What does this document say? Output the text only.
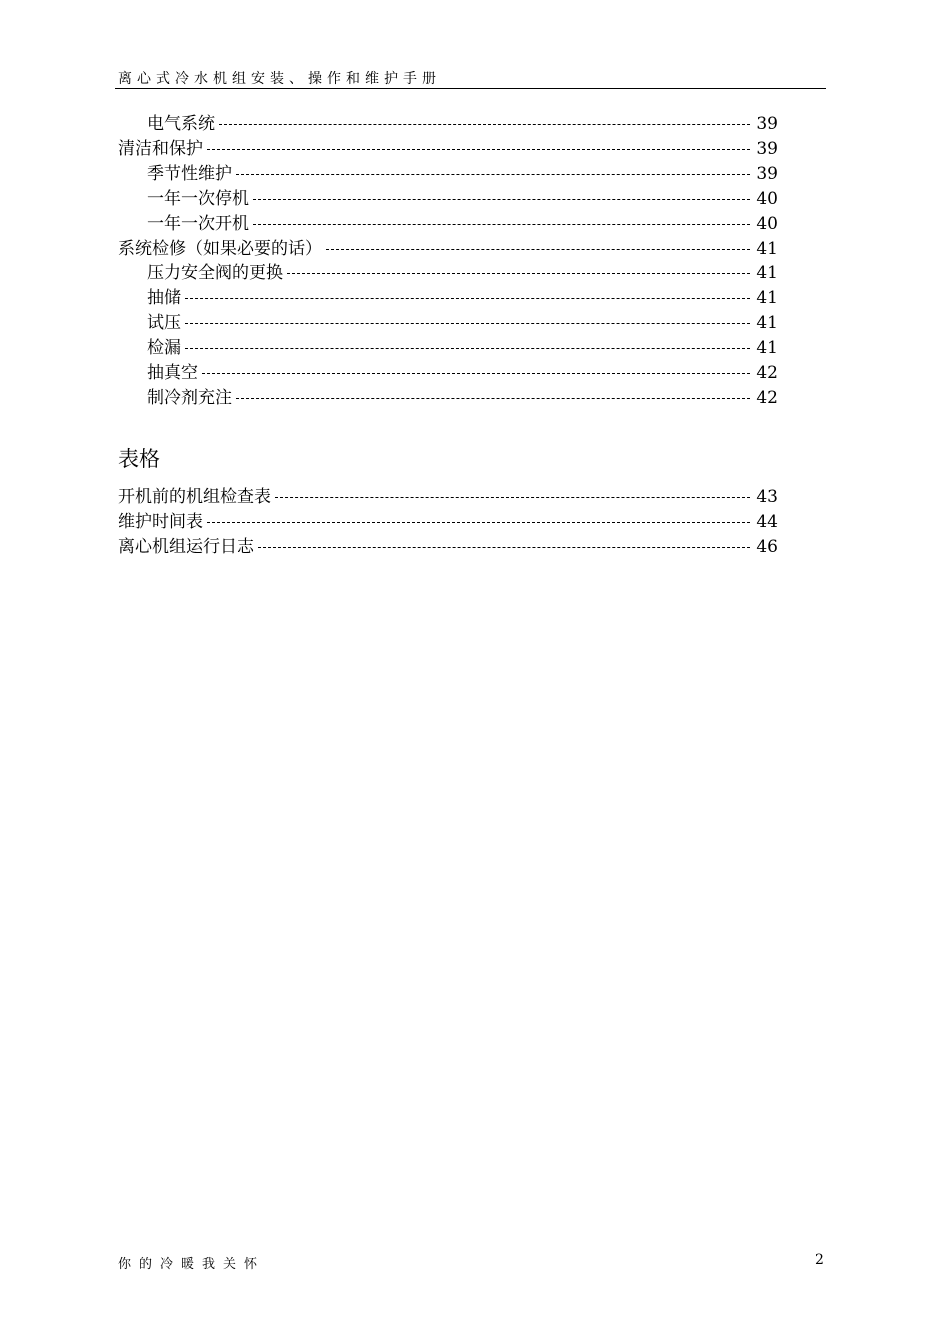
离心式冷水机组安装、操作和维护手册
电气系统	39
清洁和保护	39
季节性维护	39
一年一次停机	40
一年一次开机	40
系统检修（如果必要的话）	41
压力安全阀的更换	41
抽储	41
试压	41
检漏	41
抽真空	42
制冷剂充注	42
表格
开机前的机组检查表	43
维护时间表	44
离心机组运行日志	46
你的冷暖我关怀	2
